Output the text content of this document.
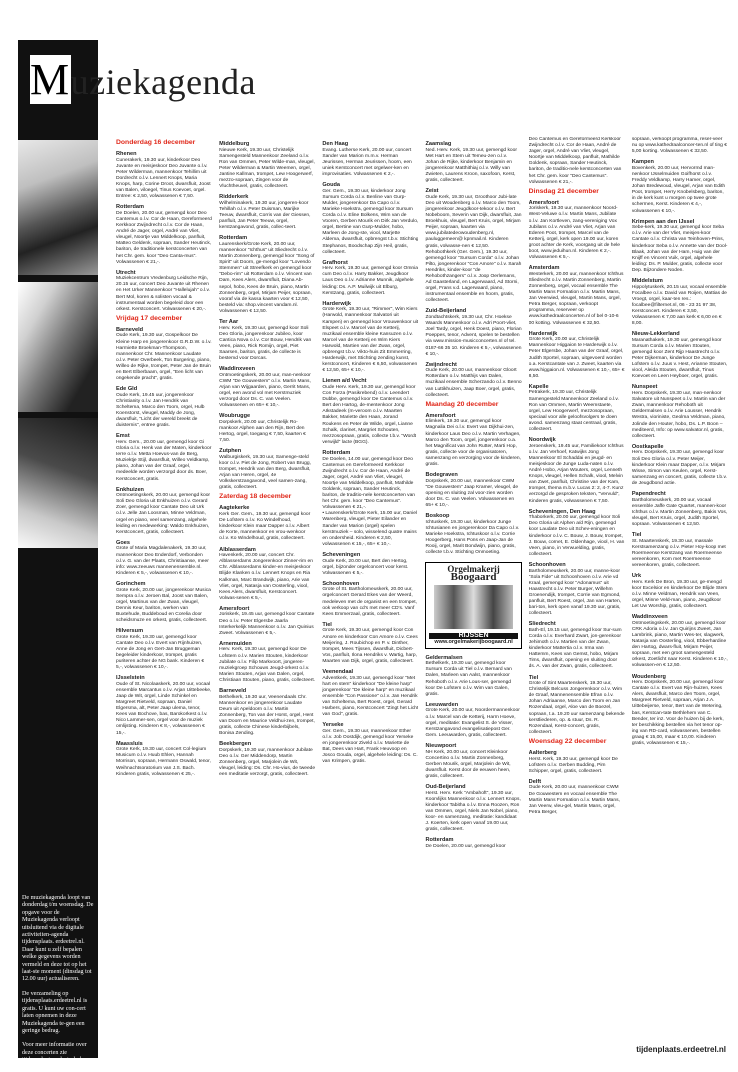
Muziekagenda

De muziekagenda loopt van donderdag t/m woensdag. De opgave voor de Muziekagenda verloopt uitsluitend via de digitale activiteiten-agenda tijdensplaats. erdeetrel.nl. Daar kunt u zelf bepalen welke gegevens worden vermeld en deze tot op het laat-ste moment (dinsdag tot 12.00 uur) actualiseren.

De verzameling op tijdensplaats.erdeetrel.nl is gratis. U kunt uw con-cert laten opnemen in deze Muziekagenda te-gen een geringe bedrag.

Voor meer informatie over deze concerten zie tijdensplaats.erdeetrel.nl

Donderdag 16 december
Rhenen
Cunerakerk, 19.30 uur, kinderkoor Deo Juvante en meisjeskoor Deo Juvante o.l.v. Peter Wilderman, mannenkoor Tehillim uit Dordrecht o.l.v. Lennert Knops, Maria Knops, harp, Corine Droot, dwarsfluit, Joost van Balen, viloegel, Tinus Koevoet, orgel. Entree: € 2,50, volwassenen € 7,50.
Rotterdam
De Doelen, 20.00 uur, gemengd koor Deo Cantemus o.l.v. Cor de Haan, Gereformeerd Kerkkoor Zwijndrecht o.l.v. Cor de Haan, André de Jager, orgel, André van Vliet, vleugel, Noortje van Middelkoop, panfluit, Matteo Geldenk, sopraan, Sander Heutinck, bariton, de traditionele kerstconcerten van het Chr. gem. koor "Deo Canta-mus". Volwassenen € 21,-.
Utrecht
Muziekcentrum Vredenburg Leidsche Rijn, 20.15 uur, concert Deo Juvante uit Rhenen en Het Urker Mannenkoor "Hallelujah" o.l.v. Bert Mol, koren & solisten vocaal & instrumentaal worden begeleid door een orkest. Kerstconcert. Volwassenen € 20,-.
Vrijdag 17 december
Barneveld
Oude Kerk, 19.30 uur, Gospelkoor De Kleine Harp en jongerenkoor G.R.D.W. o.l.v. Harmiette Broekman-Thompson, mannenkoor Chr. Mannenkoor Laudate o.l.v. Peter Overbeek, Ton Burgering, piano, Willeo de Rijke, trompet, Peter Jan de Bruin en Bert Elberbaam, orgel, "Een licht van ongekende pracht", gratis.
Ede Gld
Oude Kerk, 19.45 uur, jongerenkoor Christianity o.l.v. Jan Hendrik van Scheltema, Marco den Toom, orgel, Hulb Koenstorst, vleugel, Maddy de Jong, dwarsfluit, "Licht der wereld breekt de duisternis", entree gratis.
Emst
Herv. Gem., 20.00 uur, gemengd koor Gi Gloria o.l.v. Henk van der Maten, kinderkoor Ierre o.l.v. Metta Hoevus-van de Berg, Muziektje Stijl, dwarsfluit, Willeo Veldkamp, piano, Johan van der Graaf, orgel, medeelde worden verzorgd door ds. Boer, Kerstconcert, gratis.
Enkhuizen
Ontmoetingskerk, 20.00 uur, gemengd koor Soli Deo Gloria uit Enkhuizen o.l.v. Gerard Zoer, gemengd koor Cantate Deo uit Urk o.l.v. Jelle Jan Loosman, Minne Veldman, orgel en piano, veel samenzang, algehele leiding en medewerking: Waldo Enkhuizen, Kerstconcert, gratis, collecteert.
Goes
Grote of Maria Magdalenakerk, 19.30 uur, mannenkoor Deo Enderdorf, Verbonden o.l.v. G. van der Plaats, Christiaanse, meer info: www.zeeuws mannenensemble.nl. Kinderen € 5,-, volwassenen € 10,-.
Gorinchem
Grote Kerk, 20.00 uur, jongerenkoor Musica Sempra o.l.v. Jeroen Bal, Joost van Balen, orgel, Martinus van der Zwan, vleugel, Dennis Keur, bariton, werken van Buxtehude, Buddeboud en Corelia door scheidsmuze en orkest, gratis, collecteert.
Hilversum
Grote Kerk, 19.30 uur, gemengd koor Cantate Deo o.l.v. Evert van Rijnhuizen, Anne de Jong en Gert-Jan Bruggeman begeleider kinderkoor, trompet, gratis puriteren achter de NG bank. Kinderen € 5,-, volwassenen € 10,-.
IJsselstein
Oude of St. Nicolaaskerk, 20.00 uur, vocaal ensemble Marcantus o.l.v. Arjan Uittebeeke, Jaap de Wit, orgel, Linde Schinkel en Margreet Rietveld, sopraan, Daniel Elgersma, alt, Peter Jaap ulema, tenor, Kees van Bochove, bas, Barokorkest o.l.v. Nico Lammer-sen, orgel voor de muziek omlijsting. Kinderen € 8,-, volwassenen € 15,-.
Maassluis
Grote Kerk, 19.30 uur, concert Col-legium Musicum o.l.v. Huub Ehlen, Hannah Morrison, sopraan, Hermann Oswald, tenor, Weihnachtsoratorium van J.S. Bach. Kinderen gratis, volwassenen € 25,-.
Middelburg
Nieuwe Kerk, 19.30 uur, Christelijk Samengesteld Mannenkoor Zeeland o.l.v. Ron van Ommen, Peter Wilde-man, vleugel, Peter Wilderman & Martin Weemen, orgel, Jantine Kallman, trompet, Lew Hoogerwerf, mezzo-sopraan, Zingen voor de Vluchtheuvel, gratis, collecteert.
Ridderkerk
Wilhelminakerk, 19.30 uur, jongeren-koor Tehillah o.l.v. Peter Duisman, Marijke Teeuw, dwarsfluit, Corris van der Giessen, panfluit, Jan Peter Teeuw, orgel, kerstzangavond, gratis, collec-teert.
Rotterdam
Laurenskerk/Grote Kerk, 20.00 uur, mannenkoor "Ichthus" uit Sliedrecht o.l.v. Martin Zonnenberg, gemengd koor "Song of Spirit" uit Doorn, ge-mengd koor "Lovendo Stemmen" uit Streefkerk en gemengd koor "Debo-rim" uit Rotterdam o.l.v. Vincent van Dam, Kees Alers, dwarsfluit, Diana Ab-sepol, hobo, Kees de Bruin, piano, Martin Zonnenberg, orgel, Mirjam Peijer, sopraan, vooraf via de kassa kaarten voor € 12,50, besteld via: shop.vincent vandam.nl. Volwassenen € 12,50.
Ter Aar
Herv. Kerk, 19.30 uur, gemengd koor Soli Deo Gloria, jongerenkoor Jubileo, koor Cantica Nova o.l.v. Cor Bouw, Hendrik van Veen, piano, Rick Romijn, orgel, Piet Saarsen, bariton, gratis, de collecte is bestemd voor Dorcas.
Waddinxveen
Ontmoetingskerk, 20.00 uur, man-nenkoor CWM "De Gouwestem" o.l.v. Martin Mans, Arjan van Wijgaarden, piano, Gerrit Mans, orgel, een avond vol met Kerstmuziek verzorgd door Ds. C. van Veelen. Volwassenen en 65+ € 10,-.
Woubrugge
Dorpskerk, 20.00 uur, Christelijk Ro-mankoor Alphen aan den Rijn, Bert den Hertog, orgel, toegang € 7,50, kaarten € 7,50.
Zutphen
Walburgiskerk, 19.30 uur, Samenge-steld koor o.l.v. Piet de Jong, Robert van Brugg, trompet, Hendrik van den Berg, dwarsfluit, Arjan van Heren, orgel, 4e Volkskerstzangavond, veel samen-zang, gratis, collecteert.
Zaterdag 18 december
Aagtekerke
Kerk Ger. Gem., 19.30 uur, gemengd koor De Lofstem o.l.v. Ko Windelhoud, kinderkoor Klein maar Dapper o.l.v. Albert de Korte, mannenkoor en vrou-wenkoor o.l.v. Ko Windelhoud, gratis, collecteert.
Alblasserdam
Havenkerk, 20.00 uur, concert Chr. Alblasserdams Jongerenkoor Zinner-rim en Chr. Alblasserdams kinder-en meisjeskoor Blijde Klanken o.l.v. Lennert Knops en Ria Kalkman, Marc Brandwijk, piano, Arie van Vliet, orgel, Natasja van Oosterling, viool, Kees Alers, dwarsfluit, Kerstconcert. Volwas-senen € 5,-.
Amersfoort
Joriskerk, 19.45 uur, gemengd koor Cantate Deo o.l.v. Peter Elgersbe Jaarla Interkerkelijk Mannenkoor o.l.v. Jan Quinius Zweet. Volwassenen € 5,-.
Arnemuiden
Herv. Kerk, 19.30 uur, gemengd koor De Lofstem o.l.v. Marien Stouten, kinderkoor Jubilate o.l.v. Filip Markvoort, jongeren-muziekgroep Schouws Jeugd-orkest o.l.v. Marien Stouten, Arjan van Dalen, orgel, Christiaan Stouten, piano, gratis, collecteert.
Barneveld
Bethelkerk, 19.30 uur, Veenendaals Chr. Mannenkoor en jongerenkoor Laudate Deum uit Apeldoorn o.l.v. Martin Zonnenberg, Ton van der Horst, orgel, Hent van Doorn en Maurice Veldhui-zen, trompet, gratis, collecte Chinese kinderbijbels, Bonisa Zending.
Beekbergen
Dorpskerk, 19.30 uur, mannenkoor Jubilate Deo o.l.v. Ger Middendorp, Martin Zonnenberg, orgel, Marjolein de Wit, vleugel, leiding: Ds. Chr. Ho-vius, de tweede een meditatie verzorgt, gratis, collecteert.
Den Haag
Evang. Lutherse Kerk, 20.00 uur, concert Sander van Marion m.m.v. Herman Jeurissen, Herman Jeurissen, hoorn, een uniek Kerstconcert met orgelwer-ken en improvisaties. Volwassenen € 2,-.
Gouda
Ger. Gem., 19.30 uur, kinderkoor Jong Sursum Corda o.l.v. Benline van Gurp-Mulder, jongerenkoor Da Capo o.l.v. Marieke Hoekstra, gemengd koor Sursum Corda o.l.v. Eline Bolkens, Wim van de Vooren, Gerben Mourik en Dirk Jan Verdulo, orgel, Bertine van Gurp-Mulder, hobo, Marleen de Jong-ste, viool, Marjette Aldema, dwarsfluit, opbrengst t.b.v. Stichting Stephanos, Boodschap Zijn Heil, gratis, collecteert.
Grafhorst
Herv. Kerk, 19.30 uur, gemengd koor Omnia cum Deo o.l.v. Harry Bakker, Jeugdkoor Laus Deo o.l.v. Adrianne Munnik, algehele leiding: Ds. A.P. Muilwijk uit Elburg, Kerstzang, gratis, collecteert.
Harderwijk
Grote Kerk, 19.30 uur, "Rimmer", Wim Kiers (Harwold, mannenkoor Salvatori uit Kampen) en gemengd koor Vrouwenkoor uit Elspeet o.l.v. Marcel van de Ketterij, muzikaal ensemble kleine Kansuzen o.l.v. Marcel van de Ketterij en Wim Kiers Harwold, Martien van der Zwan, orgel, opbrengst t.b.v. Vikto-huis Zit Emmerring, Harderwijk, met Stichting zending kunst, kerstconcert, Kinderen € 6,50, volwassenen € 12,50, 65+ € 10,-.
Lienen a/d Vecht
Oude Herv. Kerk, 19.30 uur, gemengd koor Con Forza (Pasikrebend) o.l.v. Leendert Dubbe, gemengd koor De Cantemus o.l.v. Bert den Hartog, de-mentenkoor Jong AIkstadeek (m-veroom o.l.v. Maarten Bakker, Mariette den Haan, Jorand Roukens en Peter de Wilde, orgel, Lianne Schalk, clarinet, Margriet Schouten, mezzosopraan, gratis, collecte t.b.v. "Wordt verwijld" lacte (BGG).
Rotterdam
De Doelen, 14.00 uur, gemengd koor Deo Cantemus en Gereformeerd Kerkkoor Zwijndrecht o.l.v. Cor de Haan, André de Jager, orgel, André van Vliet, vleugel, Noortje van Middelkoop, panfluit, Mathilde Goldenk, sopraan, Sander Heutinck, bariton, de traditio-nele kerstconcerten van het Chr. gem. koor "Deo Cantemus". Volwassenen € 21,-.
• Laurenskerk/Grote Kerk, 15.00 uur, Daniel Warenberg, vleugel, Pieter Eilander en Sander van Marion (orgel) spelen kerstmuziek – solo, wisselend quatre mains en ondersheid. Kinderen € 2,50, volwassenen € 15,-, 65+ € 10,-.
Scheveningen
Oude Kerk, 20.00 uur, Bert den Hertog, orgel, bijzonder orgelconcert voor kerst. Volwassenen € 5,-.
Schoonhoven
Grote of St. Bartholomeuskerk, 20.00 uur, orgelconcert Gerard Ekes van der Weerd, medeleven met de organist en een trompet, ook verkoop van cd's met meer CD's. Vanf Kees Emmerzaal, gratis, collecteert.
Tiel
Grote Kerk, 19.30 uur, gemengd koor Con Amore en kinderkoor Con Amore o.l.v. Cees Meijering, J. Roubichop en P. v. Dinther, trompet, Mees Tijssen, dwarsfluit, Dicbert-Vos, panfluit, Ilona Hendriks v. Wartig, harp, Maarten van Dijk, orgel, gratis, collecteert.
Veenendaal
Adventkerk, 19.30 uur, gemengd koor "Met hart en stem" kinderkoor "De kleine harp" jongerenkoor "De kleine harp" en muzikaal ensemble "Con Passione" o.l.v. Jan Hendrik van Scheltema, Bert Roest, orgel, Gerard Harbers, piano, Kerstconcert "Zingt het Licht van God", gratis.
Yerseke
Ger. Gem., 19.30 uur, mannenkoor Ether o.l.v. Job Oostdijk, gemengd koor Yerseke en jongerenkoor Ziveld o.l.v. Mariette de Bat, Dees van Hart, Frank Heuvoop en Josco Gouda, orgel, algehele leiding: Ds. C. van Krimpen, gratis.
Zaamslag
Ned. Herv. Kerk, 19.30 uur, gemengd koor Met Hart en Stem uit Temeu-zen o.l.v. Johan de Rijke, kinderkoor Benjamin en jongerenkoor Matthithiaj o.l.v. Willy van Zwieten, Laurens Kroon, saxofoon, Kerst, gratis, collecteert.
Zeist
Oude Kerk, 19.30 uur, Groothoor Jubi-late Deo uit Woudenberg o.l.v. Marco den Toom, jongerenkoor Jeugdkoor-tekoor o.l.v. Bert Nobeboom, Severin van Dijk, dwarsfluit, Jan Broekhuis, vleugel, Bert Kruis, orgel, Mirjam Peijer, sopraan, kaarten via www.jubilatedeowoudenberg.nl, pauluggemeen@ kpnmail.nl. Kinderen gratis, volwasse-nen € 12,50.
Rehobothkerk (Ger. Gem.), 19.30 uur, gemengd koor "Sursum Corda" o.l.v. Johan Pilto, jongerenkoor "Con Amore" o.l.v. Sarah Hendriks, kinder-koor "de Rehobothzangers" o.l.v. Joop Oerlemans, Ad Gaasterland, en Lagerwaard, Ad Storni, orgel, Frans v.d. Lagerwaard, piano, instrumentaal ensemble en hoorn, gratis, collecteert.
Zuid-Beijerland
Zondtachtskerk, 19.30 uur, Chr. Hoekse Waards Mannenkoor o.l.v. Adri Poort-vliet, Joel Tardy, orgel, Henk Doest, piano, Florian Poeppes, tenor, Advent, spelen te bestellen via www.mission-musicconcerten.nl of tel. 0187-66 35 10. Kinderen € 5,-, volwassenen € 10,-.
Zwijndrecht
Oude Kerk, 20.00 uur, mannenkoor Gloort Rotterdam o.l.v. Matthijs van Dalen, muzikaal ensemble Scherzando o.l.v. Benno van Luttikhuizen, Jaap Boer, orgel, gratis, collecteert.
Maandag 20 december
Amersfoort
Elimkerk, 19.30 uur, gemengd koor Magnalia Dei o.l.v. Evert van Dijkhui-zen, kinderkoor Laus Deo o.l.v. Martin Verhagen, Marco den Toom, orgel, jongerenkoor o.a. het Magnificat van John Rutter, Marti Hop, gratis, collecte voor de organisatoren, samenzang en verzorging voor de kinderen, gratis.
Bodegraven
Dorpskerk, 20.00 uur, mannenkoor CWM "De Gouwestem" Jaap Kramer, vleugel, de opening en sluiting zal voor-zien worden door Ds. C. van Veelen. Volwassenen en 65+ € 10,-.
Boskoop
Ichtuskerk, 19.30 uur, kinderkoor Junge Ichtusianen en jongerenkoor Da Capo o.l.v. Marieke Hoekstra, Ichtuskoor o.l.v. Corrie Hoogerberg, Hans Pons en Jaap-Jan de Rooij, orgel, Marit Bondwijn, piano, gratis, collecte t.b.v. Stichting Onmoeting.
Orgelmakerij
Boogaard
RIJSSEN
www.orgelmakerijboogaard.nl
Geldermalsen
Bethelkerk, 19.30 uur, gemengd koor Sursum Corda uit Tiel o.l.v. Bernard van Dalen, Marleen van Aalst, mannenkoor Rehoboth o.l.v. Arie Lous-ser, gemengd koor De Lofstem o.l.v. Wim van Galen, gratis.
Leeuwarden
Grote Kerk, 20.00 uur, Noordermannenkoor o.l.v. Marcel van de Ketterij, Harm Hoeve, orgel, meditatie: Evangelist S. de Visser, Kerstzangavond evangelisatiepost Ger. Gem. Leeuwarden, gratis, collecteert.
Nieuwpoort
NH Kerk, 20.00 uur, concert Kleinkoor Concertino o.l.v. Martin Zonnenberg, Gerben Mourik, orgel, Marjolein de Wit, dwarsfluit. Kerst door de eeuwen heen, gratis, collecteert.
Oud-Beijerland
Herst. Herv. Kerk "Ambahoft", 19.30 uur, Koorvlijks Mannenkoor o.l.v. Lennert Knops, kinderkoor Tabitha o.l.v. Enna Roozen, Ron van Ommen, orgel, Niels Jan Nobel, piano, koor- en samenzang, meditatie: kandidaat J. Koerten, kerk open vanaf 19.00 uur, gratis, collecteert.
Rotterdam
De Doelen, 20.00 uur, gemengd koor
Deo Cantemus en Gereformeerd Kerkkoor Zwijndrecht o.l.v. Cor de Haan, André de Jager, orgel, André van Vliet, vleugel, Noortje van Middelkoop, panfluit, Mathilde Goldenk, sopraan, Sander Heutinck, bariton, de traditio-nele kerstconcerten van het Chr. gem. koor "Deo Cantemus". Volwassenen € 21,-.
Dinsdag 21 december
Amersfoort
Joriskerk, 19.30 uur, mannenkoor Noord-West-Veluwe o.l.v. Martin Mans, Jubilate o.l.v. Jan Kortleven, zang-vereniging Vox Jubilans o.l.v. André van Vliet, Arjan van Ederen Poot, trompet, Marcel van de Ketterij, orgel, kerk open 19.00 uur, koren groot achter de Kerk, voorgang uit de hele boot, www.jeduihun.nl. Kinderen € 2,-. Volwassenen € 5,-.
Amsterdam
Westerkerk, 20.00 uur, mannenkoor Ichthus Sliedrecht o.l.v. Martin Zonnenberg, Martin Zonnenberg, orgel, vocaal ensemble The Martin Mans Formation o.l.v. Martin Mans, Jan Veerwied, vleugel, Martin Mans, orgel, Petra Berger, sopraan, verkoopt programma, reserveer op www.kathedraalconcerten.nl of bel 0-10-6 00 kotting. Volwassenen € 32,50.
Harderwijk
Grote Kerk, 20.00 uur, Christelijk Mannenkoor Higgaion te Harderwijk o.l.v. Peter Elgersbe, Johan van der Graaf, orgel, Judith Sportel, sopraan, uitgevoerd worden o.a. Kerstcantate van J. Zweet, kaarten via www.higgaion.nl. Volwassenen € 10,-, 65+ € 8,50.
Kapelle
Petrakerk, 19.30 uur, Christelijk Samengesteld Mannenkoor Zeeland o.l.v. Ron van Ommen, Martin Weemstaete, orgel, Lew Hoogerwerf, mezzosopraan, speciaal voor alle geloofsvolgers te doen avond. samenzang staat centraal, gratis, collecteert.
Noordwijk
Jeroenskerk, 19.45 uur, Familiekoor Ichthus o.l.v. Jan Verhoef, Katwijks Jong Mannenkoor El Schaddai en jeugd- en meisjeskoor de Junge Luda-naten o.l.v. André Hobo, Arjan Wouters, orgel, Lenneth Knops, vleugel, Hellen Schalk, viool, Melvin van Zwet, panfluit, Christine van der Kam, trompet, thema m.b.v. Lucas 2: 2, 4-7. Kunz verzorgd de gesproken teksten, "Vervuld", Kinderen gratis, volwassenen € 7,50.
Scheveningen, Den Haag
Thaborkerk, 20.00 uur, gemengd koor Soli Deo Gloria uit Alphen a/d Rijn, gemengd koor Laudate Deo uit Schev-eningen en kinderkoor o.l.v. C. Bouw, J. Bouw, trompet, J. Bouw, cornet, E. Oldenhage, viool, H. van Veen, piano, in Verwuelding, gratis, collecteert.
Schoonhoven
Bartholomeuskerk, 20.00 uur, manne-koor "Sola Fide" uit Schoonhoven o.l.v. Arie vd Kraal, gemengd koor "Adonamus" uit Haastrecht o.l.v. Peter Burger, Willehm Groenendijk, trompet, Corrie van Egmond, panfluit, Bert Roest, orgel, Jan van Harten, bari-ton, kerk open vanaf 19.30 uur, gratis, collecteert.
Sliedrecht
Bath-El, 19.15 uur, gemengd koor Sur-sum Corda o.l.v. Everhard Zwart, jon-gerenkoor Jehimoth o.l.v. Martien van der Zwan, kinderkoor Mattertia o.l.v. Irma van Hattemm, Kees van Gemst, hobo, Mirjam Tims, dwarsfluit, opening en sluiting door ds. A. van der Zwan, gratis, collecteert.
Tiel
Grote of Sint Maartenskerk, 19.30 uur, Christelijk Belcuss Jongerenkoor o.l.v. Wim de Graaf, Mannenensemble Efran o.l.v. Johan Adriaanse, Marco den Toom en Jan Rozendaal, orgel, Aloe van de Boezel, sopraan, t.a. 19.20 uur samenzang bekende kerstliederen, op. & stuur, Ds. R. Rozendaal, Kerst-concert, gratis, collecteert.
Woensdag 22 december
Aalterberg
Herst. Kerk, 19.30 uur, gemengd koor De Lofstem o.l.v. Gerben Budding, Pim Schipper, orgel, gratis, collecteert.
Delft
Oude Kerk, 20.00 uur, mannenkoor CWM De Gouwestem en vocaal ensemble The Martin Mans Formation o.l.v. Martin Mans, Jan Veerw, vleu-gel, Martin Mans, orgel, Petra Berger,
sopraan, verkoopt programma, reser-veer nu op www.kathedraalconcer-ten.nl of ting € 5,00 korting. Volwassenen € 32,50.
Kampen
Bovenkerk, 20.00 uur, Hervormd man-nenkoor IJsselmuiden Goifhorst o.l.v. Freddy Veldkamp, Harry Hamer, orgel, Johan Bredewoud, vleugel, Arjan van Edith Poot, trompet, Herry Knobelsberg, bariton, in de kerk kunt u morgen op twee grote schermen, Kerst. Kinderen € 4,-, volwassenen € 10,-.
Krimpen aan den IJssel
Sebe-kerk, 19.30 uur, gemengd koor Seba o.l.v. Arie van der Vliet, meisjes-koor Cantate o.l.v. Christa van Teinhoven-Prins, kinderkoor Seba o.l.v. Annette van der Dool-Blaak, Johan van der Ham, Huig van der Knijff en Vincent Vuik, orgel, algehele leiding: Ds. P. Mulder, gratis, collecte voor Dep. Bijzondere Noden.
Middelstum
Hippolytuskerk, 20.15 uur, vocaal ensemble Focalbee o.l.v. David van Roijen, Mattias de Vroegt, orgel, kaar-ten res.: focalbee@filternet.nl, 06 - 23 31 97 38, Kerstconcert. Kinderen € 3,50, Volwassenen € 7,00 aan kerk € 6,00 en € 8,00.
Nieuw-Lekkerland
Maranathakerk, 19.30 uur, gemengd koor Sursum Corda o.l.v. Marien Stouten, gemengd koor Zent Rijp Haastrecht o.l.v. Peter Dijkerman, kinderkoor De Junge Lofstem o.l.v. Juus v. Hest, Arianne Stouten, viool, Aleida Stouten, dwarsfluit, Tinus Koevoet en Leen Heyboer, orgel, gratis.
Nunspeet
Herv. Dorpskerk, 19.30 uur, man-nenkoor Salvatore uit Nunspeet o.l.v. Martin van der Zwan, mannenkoor Rehoboth uit Geldermalsen o.l.v. Arie Lousser, Hendrik Westra, vioriniste, Geolma Veldman, piano, Jolinde den Houter, hobo, Ds. L.P. Boon – mediteerd, Info: op www.salvator.nl, gratis, collecteert.
Oostkapelle
Herv. Dorpskerk, 19.30 uur, gemengd koor Soli Deo Gloria o.l.v. Peter Meijer, kinderkoor Klein maar Dapper, o.l.v. Mirjam Wisse, Simon van Keulen, orgel, Kerst-samenzang en concert, gratis, collecte t.b.v. de Jeugdbond actie.
Papendrecht
Bartholomeuskerk, 20.00 uur, vocaal ensemble Jaffe Gate Quartet, mannen-koor Ichthus o.l.v. Martin Zonnenberg, Bakis Vos, vleugel, Bert Kruis, orgel, Judith Sportel, sopraan. Volwassenen € 12,50.
Tiel
St. Maartenskerk, 19.30 uur, massale Kerstsamenzang o.l.v. Pieter Hoy-koop met Roermeense Kerstzang van Roermeense vereenkoren, Kom met Roermeense vereenkoren, gratis, collecteert.
Urk
Herv. Kerk De Bron, 19.30 uur, ge-mengd koor Excelsior en kinderkoor De Blijde Stem o.l.v. Minne Veldman, Hendrik van Veen, orgel, Minne Veld-man, piano, Jeugdkoor Let Uw Worship, gratis, collecteert.
Waddinxveen
Ontmoetingskerk, 20.00 uur, gemengd koor CRK Adoria o.l.v. Jan Quirijns Zweet, Jan Lambrink, piano, Martin Wes-ter, slagwerk, Natasja van Oosterling, viool, Ebberhardine den Hartog, dwars-fluit, Mirjam Peijer, sopraan, met een groot samengesteld orkest, Zoetlicht naar Kerst. Kinderen € 10,-, volwassen-en € 12,50.
Woudenberg
Herv. Dorpskerk, 20.00 uur, gemengd koor Cantate o.l.v. Evert van Rijn-huizen, Kees Alers, dwarsfluit, Marco den Toom, orgel, Margreet Rietveld, sopraan, Arjan J.A. Uittebeijerse, tenor, Bert van de Wetering, bas, Kerstcan-tate Bethlehem van C. Bender, ter inz. Voor de huizen bij de kerk, ter beschikking bestellen via het tenor op-ing van RD-card, volwassenen, bestellen graag € 15,00, maar € 10,00. Kinderen gratis, volwassenen € 15,-.
tijdenplaats.erdeetrel.nl
